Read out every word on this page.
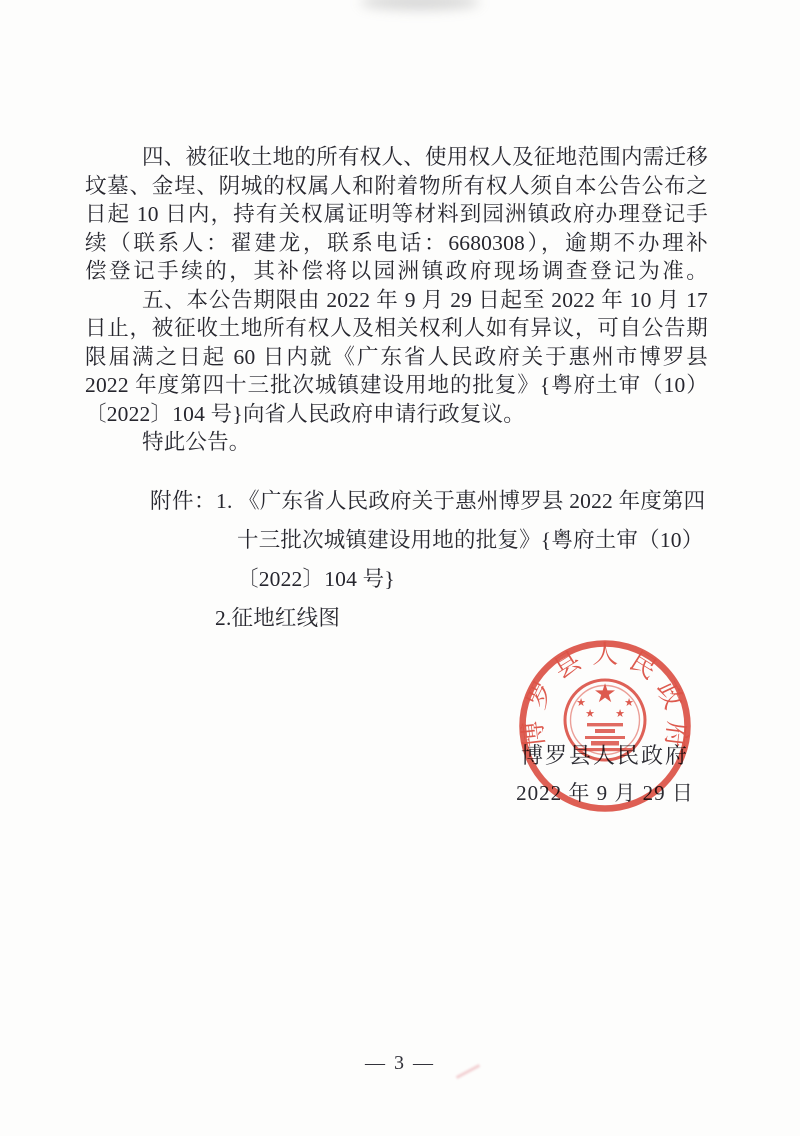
四、被征收土地的所有权人、使用权人及征地范围内需迁移
坟墓、金埕、阴城的权属人和附着物所有权人须自本公告公布之
日起 10 日内，持有关权属证明等材料到园洲镇政府办理登记手
续（联系人：翟建龙，联系电话：6680308），逾期不办理补
偿登记手续的，其补偿将以园洲镇政府现场调查登记为准。
五、本公告期限由 2022 年 9 月 29 日起至 2022 年 10 月 17
日止，被征收土地所有权人及相关权利人如有异议，可自公告期
限届满之日起 60 日内就《广东省人民政府关于惠州市博罗县
2022 年度第四十三批次城镇建设用地的批复》{粤府土审（10）
〔2022〕104 号}向省人民政府申请行政复议。
特此公告。
附件：1. 《广东省人民政府关于惠州博罗县 2022 年度第四
十三批次城镇建设用地的批复》{粤府土审（10）
〔2022〕104 号}
2.征地红线图
博罗县人民政府
★
★	★
★ ★
博罗县人民政府
2022 年 9 月 29 日
— 3 —
